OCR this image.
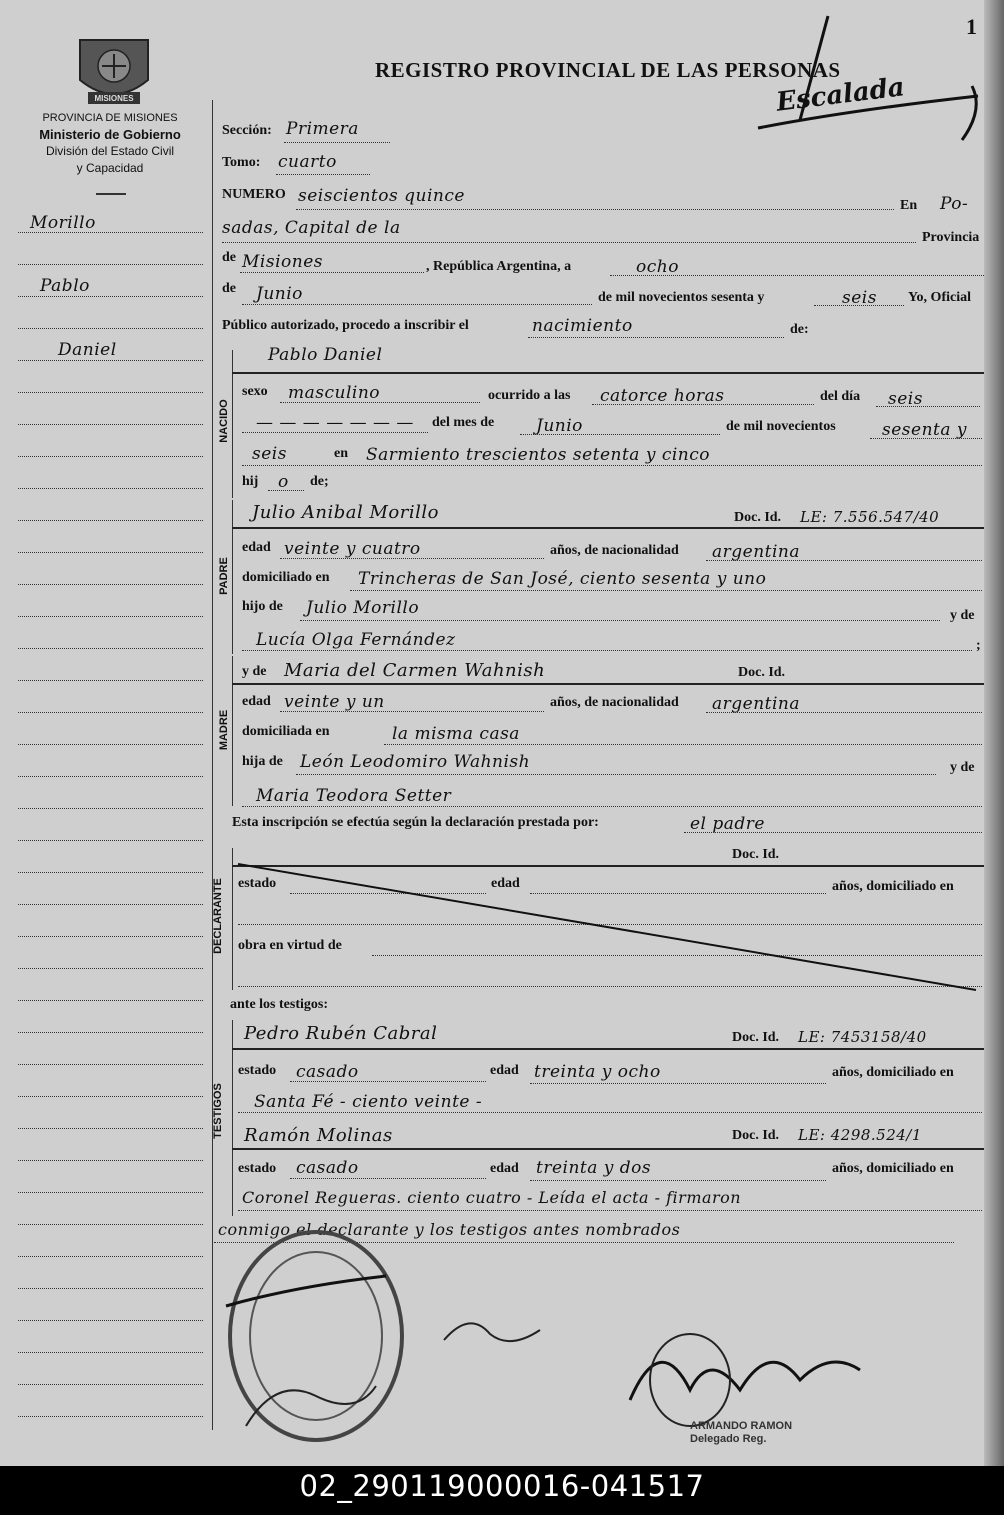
MISIONES
PROVINCIA DE MISIONES
Ministerio de Gobierno
División del Estado Civil
y Capacidad
Morillo
Pablo
Daniel
REGISTRO PROVINCIAL DE LAS PERSONAS
1
Escalada
Sección: Primera
Tomo: cuarto
NUMERO seiscientos quince	En Po-
sadas, Capital de la	Provincia
de Misiones	, República Argentina, a	ocho
de Junio	de mil novecientos sesenta y	seis Yo, Oficial
Público autorizado, procedo a inscribir el	nacimiento	de:
NACIDO
Pablo Daniel
sexo masculino	ocurrido a las catorce horas	del día seis
— — — — — — — del mes de Junio	de mil novecientos	sesenta y
seis	en Sarmiento trescientos setenta y cinco
hij o de;
PADRE
Julio Anibal Morillo	Doc. Id. LE: 7.556.547/40
edad veinte y cuatro	años, de nacionalidad argentina
domiciliado en Trincheras de San José, ciento sesenta y uno
hijo de Julio Morillo	y de
Lucía Olga Fernández	;
MADRE
y de Maria del Carmen Wahnish	Doc. Id.
edad veinte y un	años, de nacionalidad argentina
domiciliada en	la misma casa
hija de León Leodomiro Wahnish	y de
Maria Teodora Setter
Esta inscripción se efectúa según la declaración prestada por:	el padre
DECLARANTE
Doc. Id.
estado	edad	años, domiciliado en
obra en virtud de
ante los testigos:
TESTIGOS
Pedro Rubén Cabral	Doc. Id. LE: 7453158/40
estado casado	edad treinta y ocho	años, domiciliado en
Santa Fé - ciento veinte -
Ramón Molinas	Doc. Id. LE: 4298.524/1
estado casado	edad treinta y dos	años, domiciliado en
Coronel Regueras. ciento cuatro - Leída el acta - firmaron
conmigo el declarante y los testigos antes nombrados
ARMANDO RAMON
Delegado Reg.
02_290119000016-041517
